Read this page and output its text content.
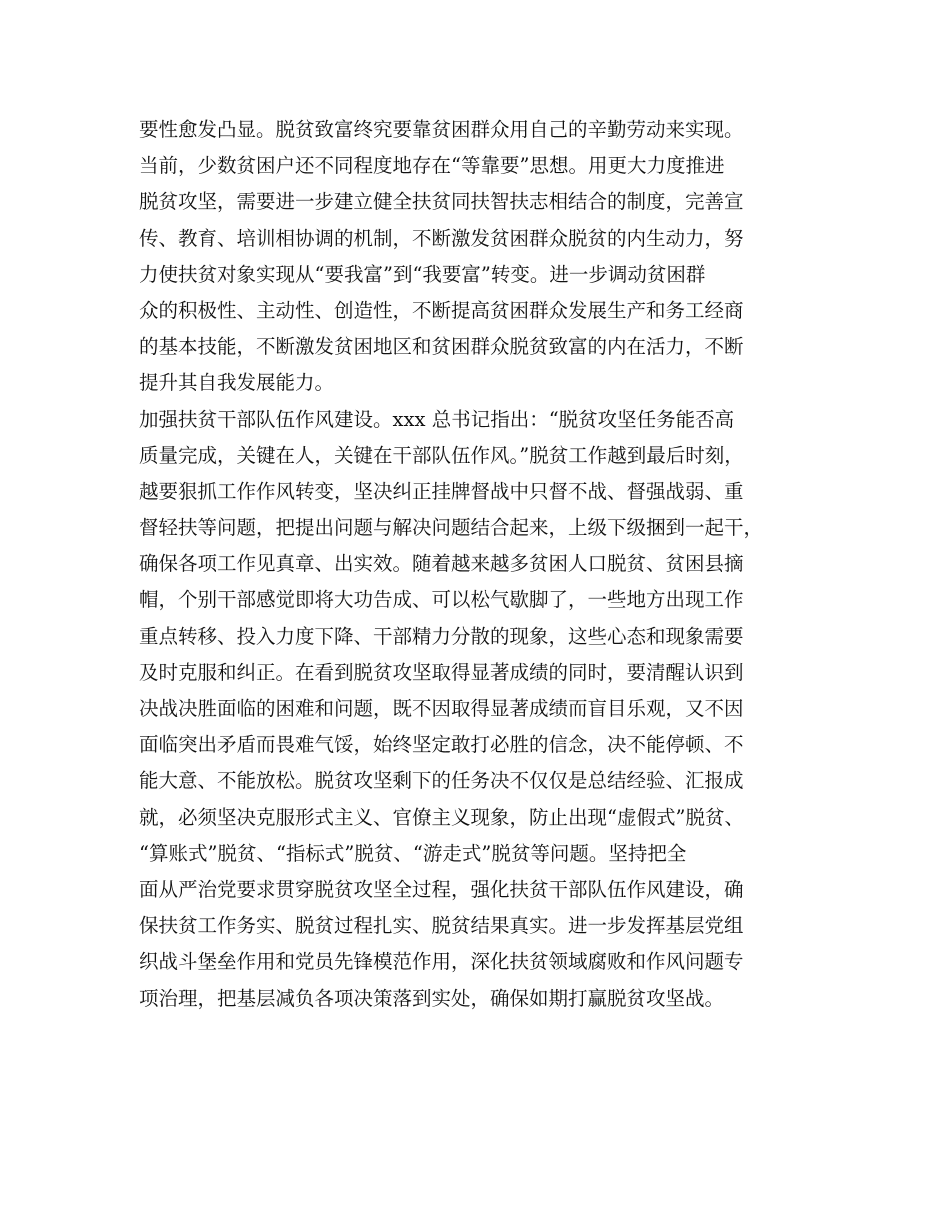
要性愈发凸显。脱贫致富终究要靠贫困群众用自己的辛勤劳动来实现。
当前，少数贫困户还不同程度地存在“等靠要”思想。用更大力度推进
脱贫攻坚，需要进一步建立健全扶贫同扶智扶志相结合的制度，完善宣
传、教育、培训相协调的机制，不断激发贫困群众脱贫的内生动力，努
力使扶贫对象实现从“要我富”到“我要富”转变。进一步调动贫困群
众的积极性、主动性、创造性，不断提高贫困群众发展生产和务工经商
的基本技能，不断激发贫困地区和贫困群众脱贫致富的内在活力，不断
提升其自我发展能力。
加强扶贫干部队伍作风建设。xxx 总书记指出：“脱贫攻坚任务能否高
质量完成，关键在人，关键在干部队伍作风。”脱贫工作越到最后时刻，
越要狠抓工作作风转变，坚决纠正挂牌督战中只督不战、督强战弱、重
督轻扶等问题，把提出问题与解决问题结合起来，上级下级捆到一起干，
确保各项工作见真章、出实效。随着越来越多贫困人口脱贫、贫困县摘
帽，个别干部感觉即将大功告成、可以松气歇脚了，一些地方出现工作
重点转移、投入力度下降、干部精力分散的现象，这些心态和现象需要
及时克服和纠正。在看到脱贫攻坚取得显著成绩的同时，要清醒认识到
决战决胜面临的困难和问题，既不因取得显著成绩而盲目乐观，又不因
面临突出矛盾而畏难气馁，始终坚定敢打必胜的信念，决不能停顿、不
能大意、不能放松。脱贫攻坚剩下的任务决不仅仅是总结经验、汇报成
就，必须坚决克服形式主义、官僚主义现象，防止出现“虚假式”脱贫、
“算账式”脱贫、“指标式”脱贫、“游走式”脱贫等问题。坚持把全
面从严治党要求贯穿脱贫攻坚全过程，强化扶贫干部队伍作风建设，确
保扶贫工作务实、脱贫过程扎实、脱贫结果真实。进一步发挥基层党组
织战斗堡垒作用和党员先锋模范作用，深化扶贫领域腐败和作风问题专
项治理，把基层减负各项决策落到实处，确保如期打赢脱贫攻坚战。
